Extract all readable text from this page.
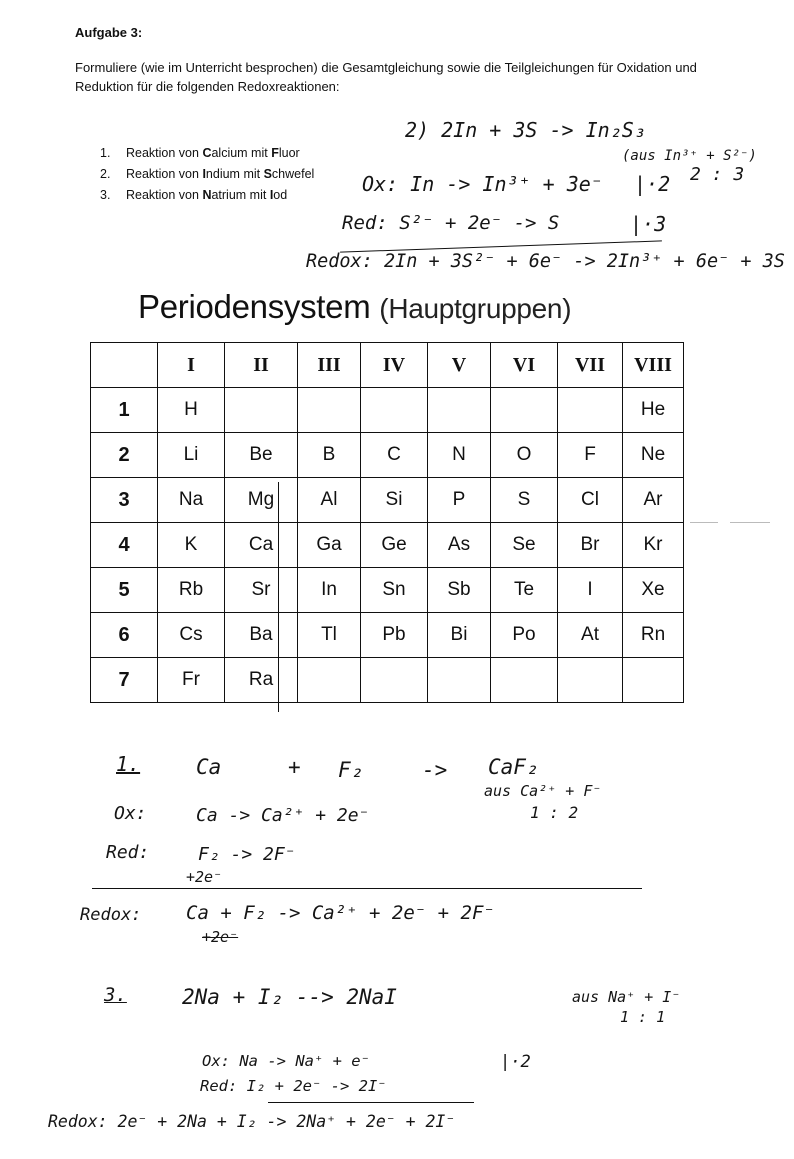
Aufgabe 3:
Formuliere (wie im Unterricht besprochen) die Gesamtgleichung sowie die Teilgleichungen für Oxidation und Reduktion für die folgenden Redoxreaktionen:
1. Reaktion von Calcium mit Fluor
2. Reaktion von Indium mit Schwefel
3. Reaktion von Natrium mit Iod
2) 2In + 3S -> In₂S₃
(aus In³⁺ + S²⁻)
Ox: In -> In³⁺ + 3e⁻ |·2 2 : 3
Red: S²⁻ + 2e⁻ -> S	|·3
Redox: 2In + 3S²⁻ + 6e⁻ -> 2In³⁺ + 6e⁻ + 3S
Periodensystem (Hauptgruppen)
	I	II	III	IV	V	VI	VII	VIII
1	H							He
2	Li	Be	B	C	N	O	F	Ne
3	Na	Mg	Al	Si	P	S	Cl	Ar
4	K	Ca	Ga	Ge	As	Se	Br	Kr
5	Rb	Sr	In	Sn	Sb	Te	I	Xe
6	Cs	Ba	Tl	Pb	Bi	Po	At	Rn
7	Fr	Ra						
1.	Ca	+ F₂	-> CaF₂
aus Ca²⁺ + F⁻
1 : 2
Ox:	Ca -> Ca²⁺ + 2e⁻
Red:	F₂ -> 2F⁻
+2e⁻
Redox: Ca + F₂ -> Ca²⁺ + 2e⁻ + 2F⁻
+2e⁻
3.	2Na + I₂ --> 2NaI	aus Na⁺ + I⁻
1 : 1
Ox: Na -> Na⁺ + e⁻	|·2
Red: I₂ + 2e⁻ -> 2I⁻
Redox: 2e⁻ + 2Na + I₂ -> 2Na⁺ + 2e⁻ + 2I⁻
